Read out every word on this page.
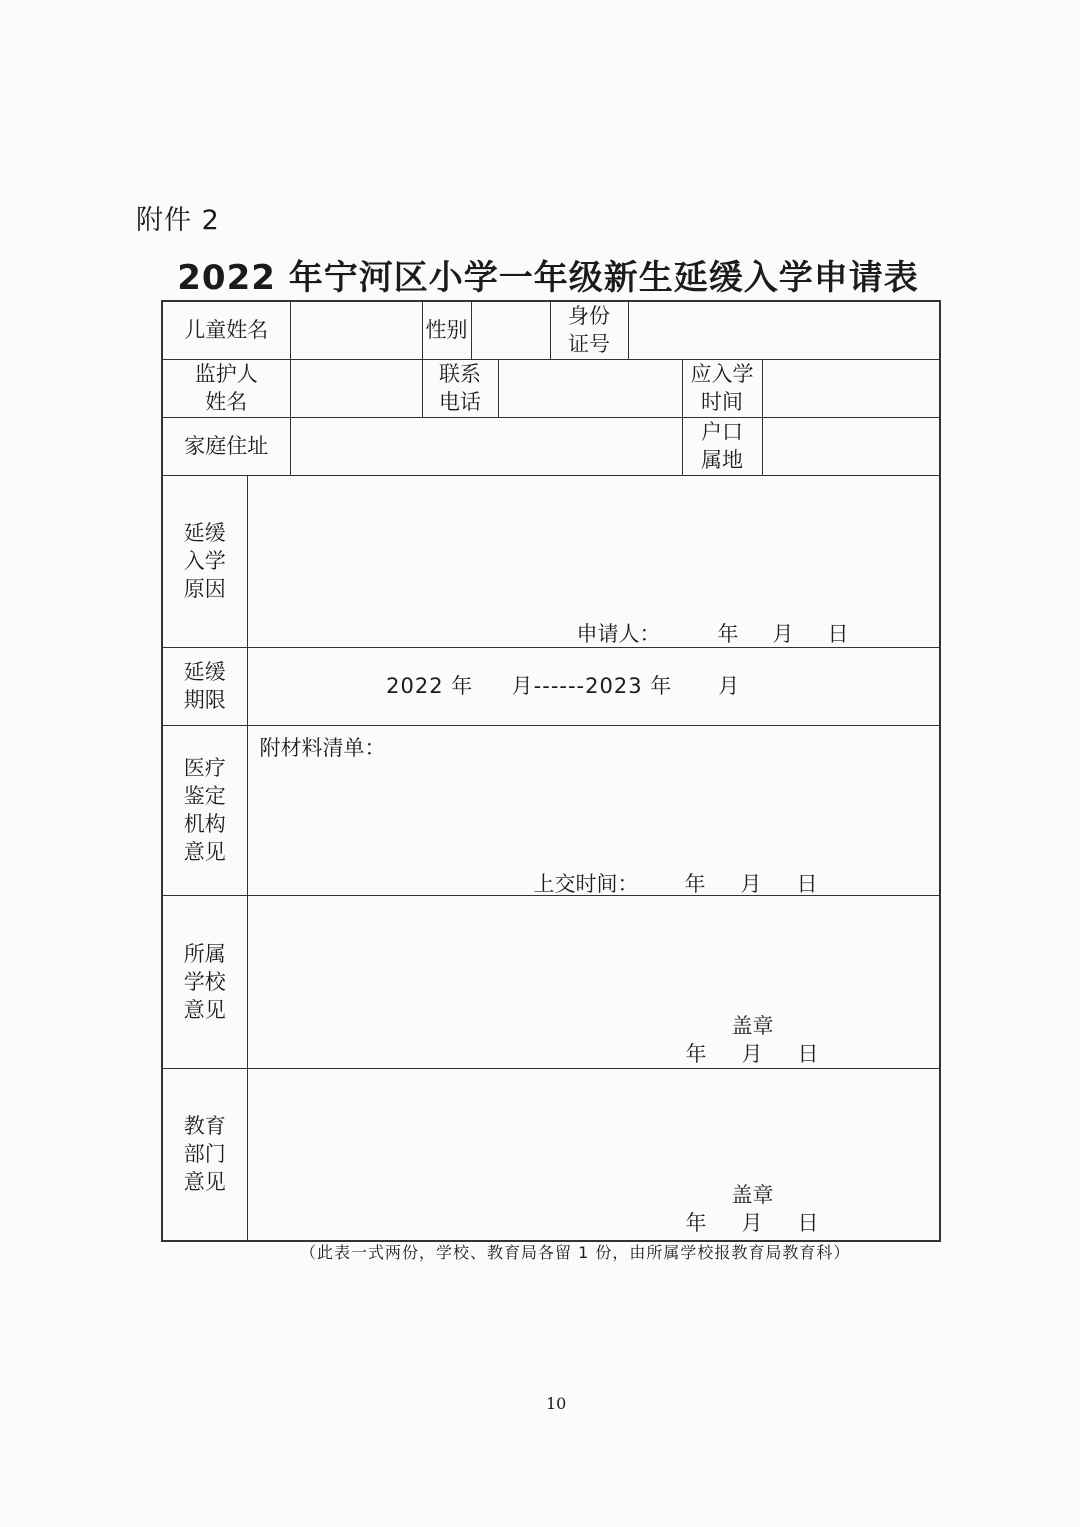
附件 2
2022 年宁河区小学一年级新生延缓入学申请表
儿童姓名			性别			身份证号			
监护人姓名			联系电话					应入学时间	
家庭住址								户口属地	
延缓入学原因	申请人： 年 月 日								

延缓期限	2022 年     月------2023 年      月								
医疗鉴定机构意见	附材料清单：
上交时间： 年 月 日								

所属学校意见	盖章
年 月 日								

教育部门意见	盖章
年 月 日								
（此表一式两份，学校、教育局各留 1 份，由所属学校报教育局教育科）
10
